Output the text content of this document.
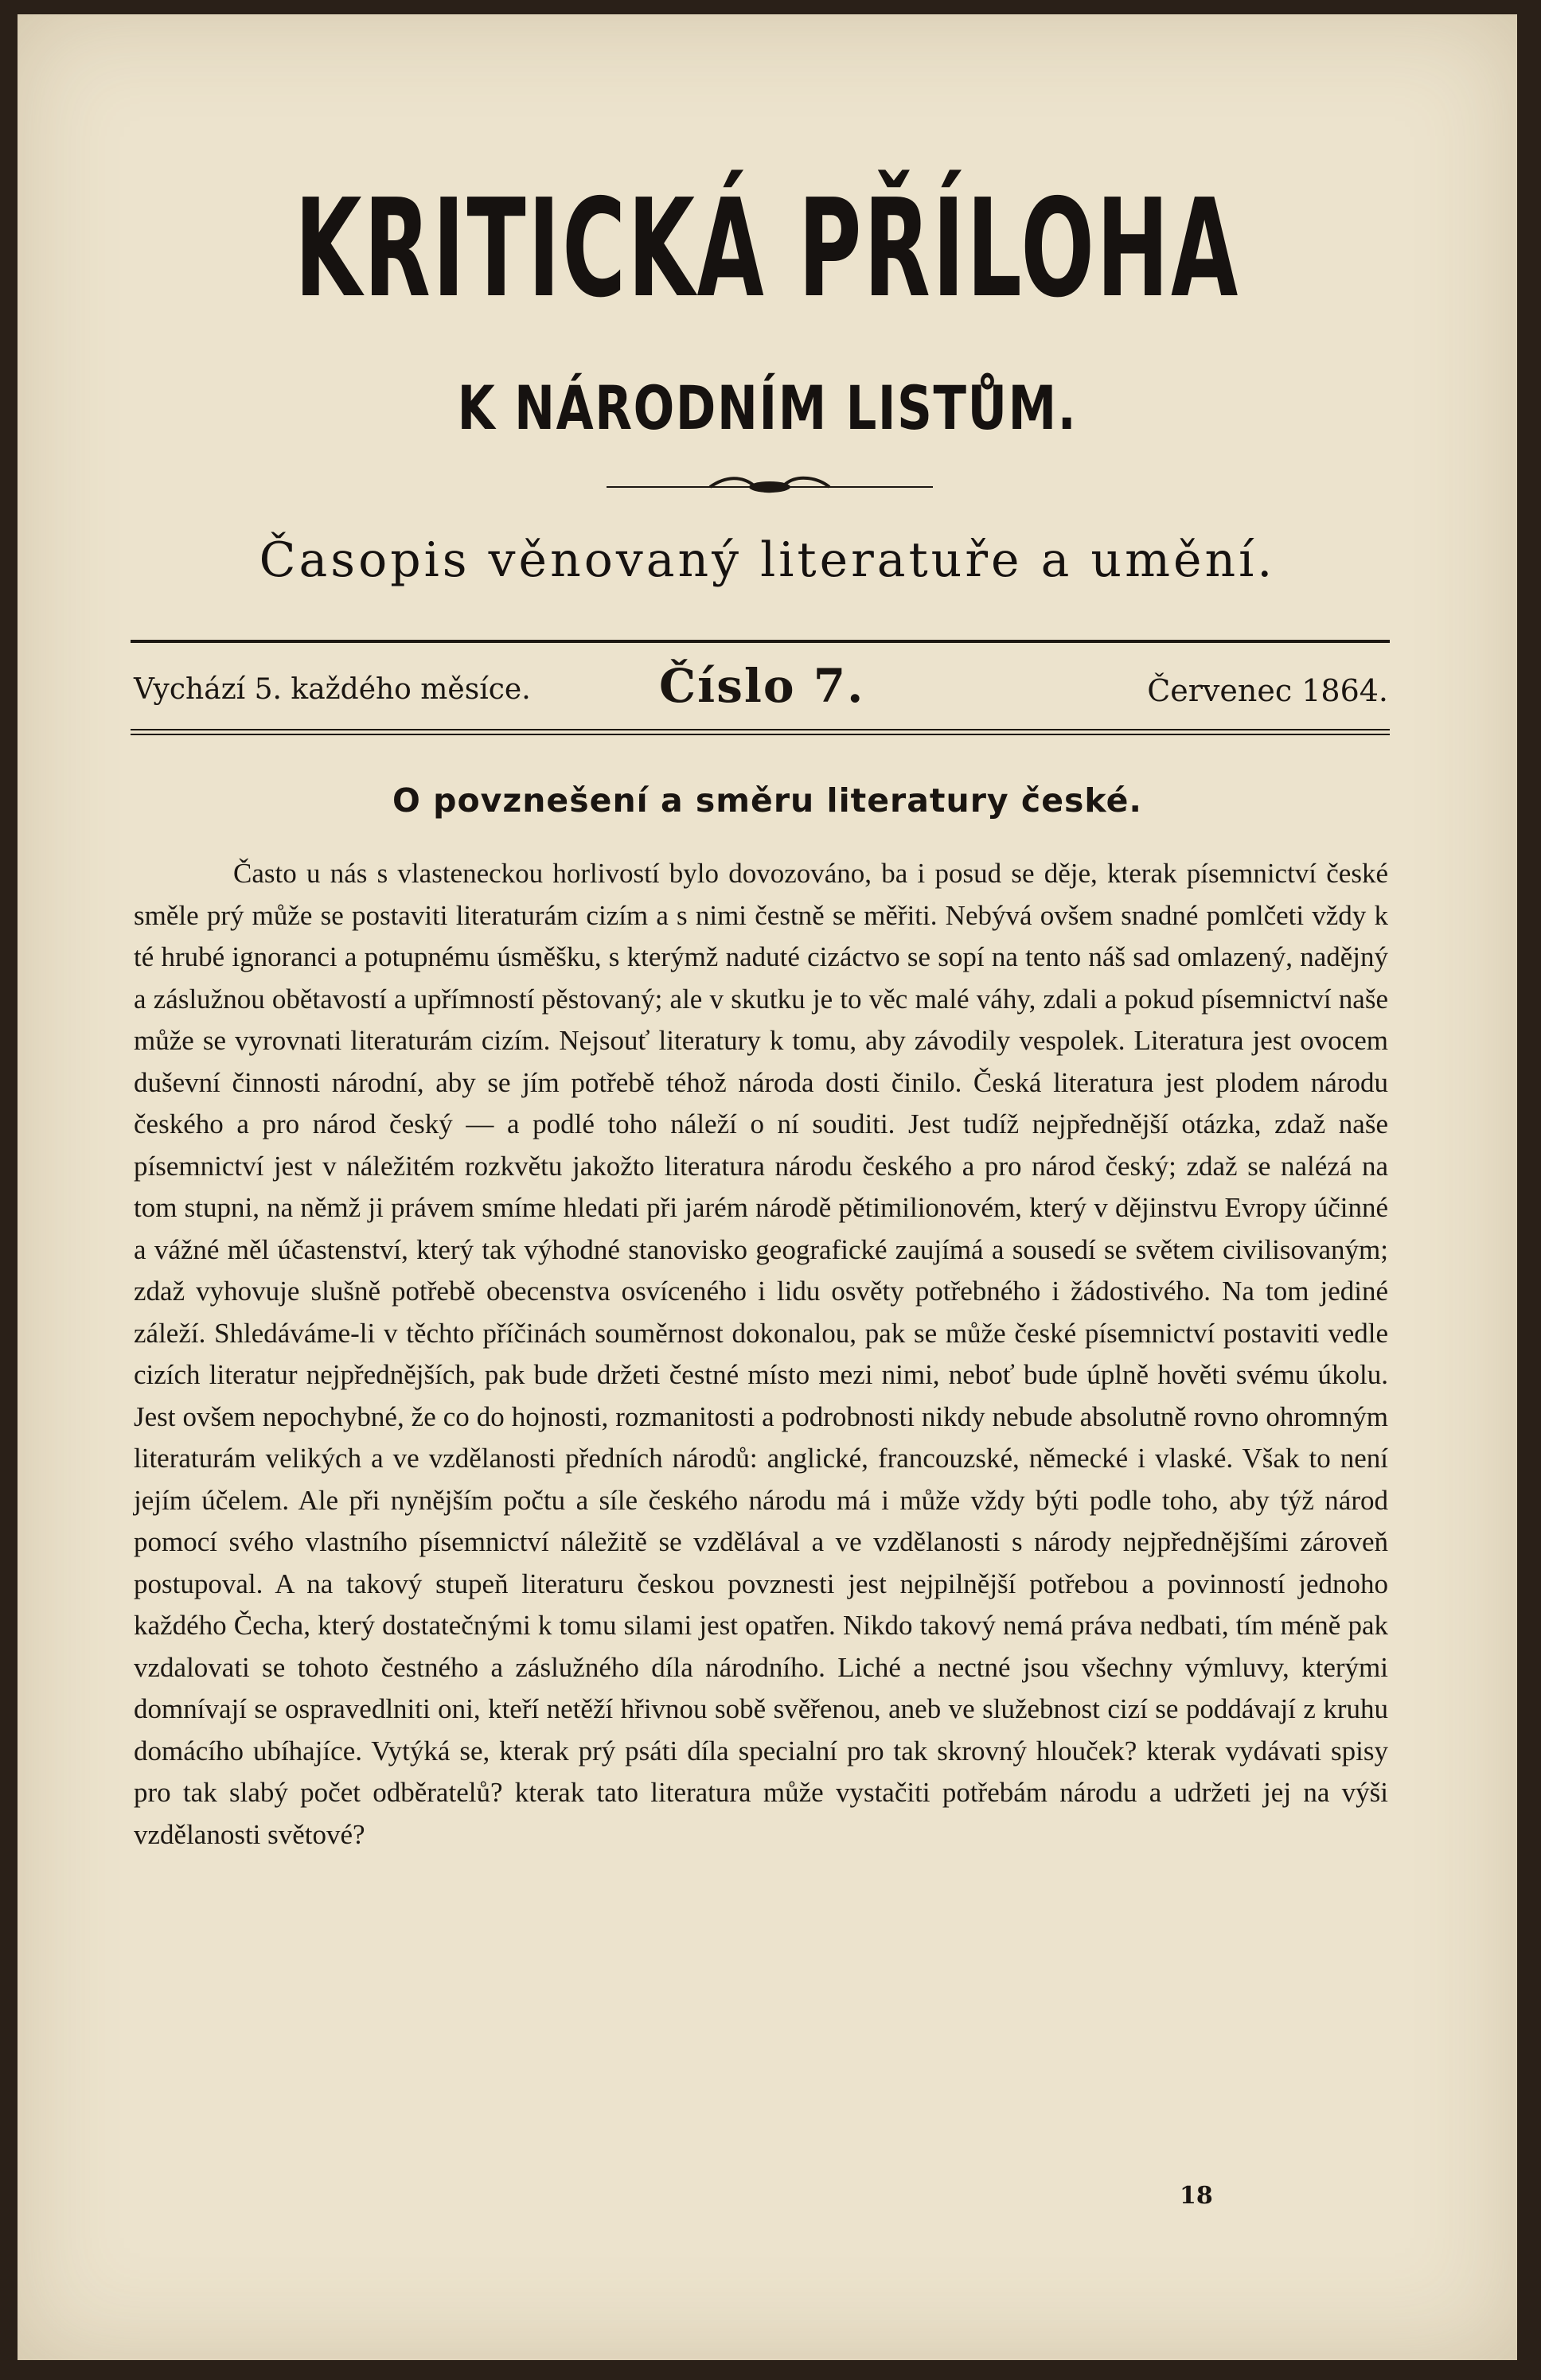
KRITICKÁ PŘÍLOHA
K NÁRODNÍM LISTŮM.
Časopis věnovaný literatuře a umění.
Vychází 5. každého měsíce.	Číslo 7.	Červenec 1864.
O povznešení a směru literatury české.

Často u nás s vlasteneckou horlivostí bylo dovozováno, ba i posud se děje, kterak písemnictví české směle prý může se postaviti literaturám cizím a s nimi čestně se měřiti. Nebývá ovšem snadné pomlčeti vždy k té hrubé ignoranci a potupnému úsměšku, s kterýmž naduté cizáctvo se sopí na tento náš sad omlazený, nadějný a záslužnou obětavostí a upřímností pěstovaný; ale v skutku je to věc malé váhy, zdali a pokud písemnictví naše může se vyrovnati literaturám cizím. Nejsouť literatury k tomu, aby závodily vespolek. Literatura jest ovocem duševní činnosti národní, aby se jím potřebě téhož národa dosti činilo. Česká literatura jest plodem národu českého a pro národ český — a podlé toho náleží o ní souditi. Jest tudíž nejpřednější otázka, zdaž naše písemnictví jest v náležitém rozkvětu jakožto literatura národu českého a pro národ český; zdaž se nalézá na tom stupni, na němž ji právem smíme hledati při jarém národě pětimilionovém, který v dějinstvu Evropy účinné a vážné měl účastenství, který tak výhodné stanovisko geografické zaujímá a sousedí se světem civilisovaným; zdaž vyhovuje slušně potřebě obecenstva osvíceného i lidu osvěty potřebného i žádostivého. Na tom jediné záleží. Shledáváme-li v těchto příčinách souměrnost dokonalou, pak se může české písemnictví postaviti vedle cizích literatur nejpřednějších, pak bude držeti čestné místo mezi nimi, neboť bude úplně hověti svému úkolu. Jest ovšem nepochybné, že co do hojnosti, rozmanitosti a podrobnosti nikdy nebude absolutně rovno ohromným literaturám velikých a ve vzdělanosti předních národů: anglické, francouzské, německé i vlaské. Však to není jejím účelem. Ale při nynějším počtu a síle českého národu má i může vždy býti podle toho, aby týž národ pomocí svého vlastního písemnictví náležitě se vzdělával a ve vzdělanosti s národy nejpřednějšími zároveň postupoval. A na takový stupeň literaturu českou povznesti jest nejpilnější potřebou a povinností jednoho každého Čecha, který dostatečnými k tomu silami jest opatřen. Nikdo takový nemá práva nedbati, tím méně pak vzdalovati se tohoto čestného a záslužného díla národního. Liché a nectné jsou všechny výmluvy, kterými domnívají se ospravedlniti oni, kteří netěží hřivnou sobě svěřenou, aneb ve služebnost cizí se poddávají z kruhu domácího ubíhajíce. Vytýká se, kterak prý psáti díla specialní pro tak skrovný hlouček? kterak vydávati spisy pro tak slabý počet odběratelů? kterak tato literatura může vystačiti potřebám národu a udržeti jej na výši vzdělanosti světové?

18
